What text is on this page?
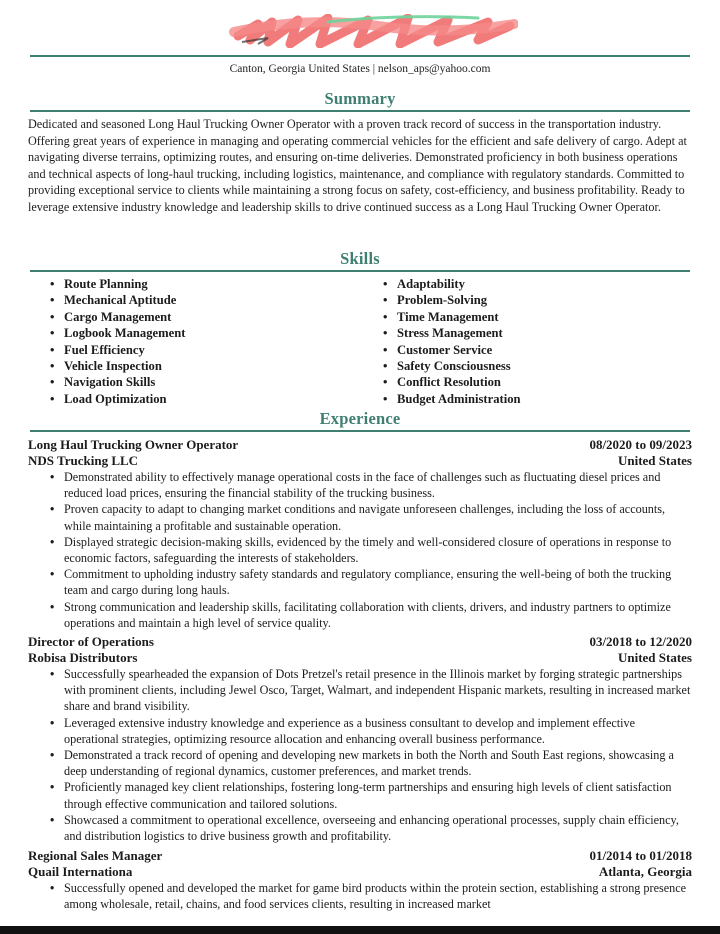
Canton, Georgia United States | nelson_aps@yahoo.com
Summary

Dedicated and seasoned Long Haul Trucking Owner Operator with a proven track record of success in the transportation industry. Offering great years of experience in managing and operating commercial vehicles for the efficient and safe delivery of cargo. Adept at navigating diverse terrains, optimizing routes, and ensuring on-time deliveries. Demonstrated proficiency in both business operations and technical aspects of long-haul trucking, including logistics, maintenance, and compliance with regulatory standards. Committed to providing exceptional service to clients while maintaining a strong focus on safety, cost-efficiency, and business profitability. Ready to leverage extensive industry knowledge and leadership skills to drive continued success as a Long Haul Trucking Owner Operator.

Skills
• Route Planning
• Mechanical Aptitude
• Cargo Management
• Logbook Management
• Fuel Efficiency
• Vehicle Inspection
• Navigation Skills
• Load Optimization
• Adaptability
• Problem-Solving
• Time Management
• Stress Management
• Customer Service
• Safety Consciousness
• Conflict Resolution
• Budget Administration
Experience
Long Haul Trucking Owner Operator	08/2020 to 09/2023
NDS Trucking LLC	United States
• Demonstrated ability to effectively manage operational costs in the face of challenges such as fluctuating diesel prices and reduced load prices, ensuring the financial stability of the trucking business.
• Proven capacity to adapt to changing market conditions and navigate unforeseen challenges, including the loss of accounts, while maintaining a profitable and sustainable operation.
• Displayed strategic decision-making skills, evidenced by the timely and well-considered closure of operations in response to economic factors, safeguarding the interests of stakeholders.
• Commitment to upholding industry safety standards and regulatory compliance, ensuring the well-being of both the trucking team and cargo during long hauls.
• Strong communication and leadership skills, facilitating collaboration with clients, drivers, and industry partners to optimize operations and maintain a high level of service quality.
Director of Operations	03/2018 to 12/2020
Robisa Distributors	United States
• Successfully spearheaded the expansion of Dots Pretzel's retail presence in the Illinois market by forging strategic partnerships with prominent clients, including Jewel Osco, Target, Walmart, and independent Hispanic markets, resulting in increased market share and brand visibility.
• Leveraged extensive industry knowledge and experience as a business consultant to develop and implement effective operational strategies, optimizing resource allocation and enhancing overall business performance.
• Demonstrated a track record of opening and developing new markets in both the North and South East regions, showcasing a deep understanding of regional dynamics, customer preferences, and market trends.
• Proficiently managed key client relationships, fostering long-term partnerships and ensuring high levels of client satisfaction through effective communication and tailored solutions.
• Showcased a commitment to operational excellence, overseeing and enhancing operational processes, supply chain efficiency, and distribution logistics to drive business growth and profitability.
Regional Sales Manager	01/2014 to 01/2018
Quail Internationa	Atlanta, Georgia
• Successfully opened and developed the market for game bird products within the protein section, establishing a strong presence among wholesale, retail, chains, and food services clients, resulting in increased market
